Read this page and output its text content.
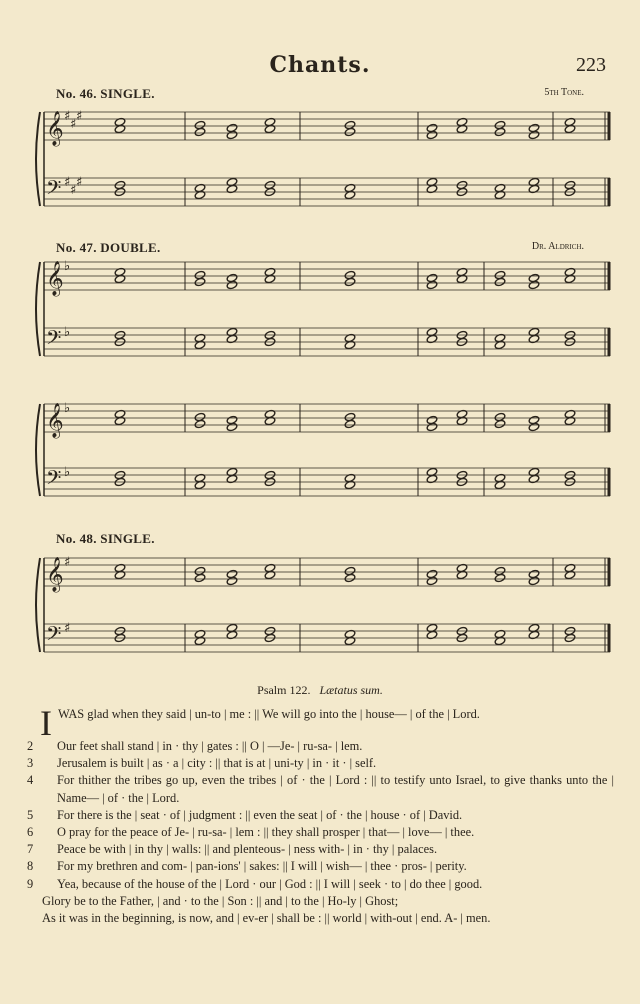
Chants.	223
No. 46. SINGLE.	5th Tone.
No. 47. DOUBLE.	Dr. Aldrich.
No. 48. SINGLE.
𝄞
𝄢
♯
♯
♯
♯
♯
♯
𝄞
𝄢
♭
♭
𝄞
𝄢
♭
♭
𝄞
𝄢
♯
♯
Psalm 122. Lætatus sum.
I WAS glad when they said | un-to | me : || We will go into the | house— | of the | Lord.
2 Our feet shall stand | in · thy | gates : || O | —Je- | ru-sa- | lem.
3 Jerusalem is built | as · a | city : || that is at | uni-ty | in · it · | self.
4 For thither the tribes go up, even the tribes | of · the | Lord : || to testify unto Israel, to give thanks unto the | Name— | of · the | Lord.
5 For there is the | seat · of | judgment : || even the seat | of · the | house · of | David.
6 O pray for the peace of Je- | ru-sa- | lem : || they shall prosper | that— | love— | thee.
7 Peace be with | in thy | walls: || and plenteous- | ness with- | in · thy | palaces.
8 For my brethren and com- | pan-ions' | sakes: || I will | wish— | thee · pros- | perity.
9 Yea, because of the house of the | Lord · our | God : || I will | seek · to | do thee | good.
Glory be to the Father, | and · to the | Son : || and | to the | Ho-ly | Ghost;
As it was in the beginning, is now, and | ev-er | shall be : || world | with-out | end. A- | men.
